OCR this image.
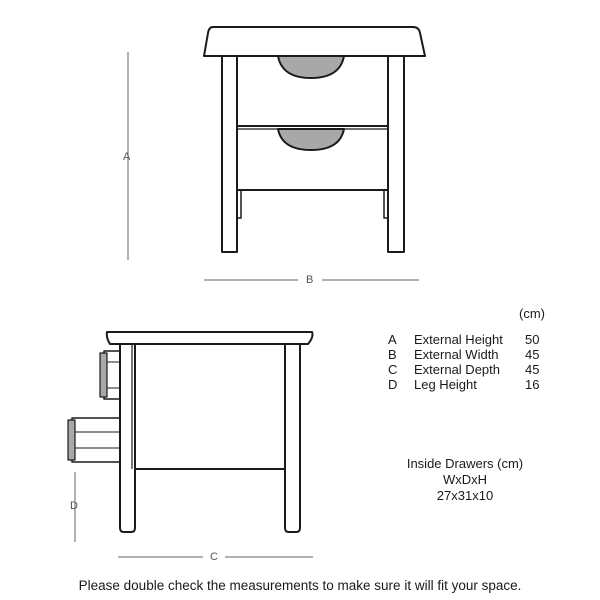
A
B
D
C
(cm)
A External Height 50
B External Width 45
C External Depth 45
D Leg Height	16
Inside Drawers (cm)
WxDxH
27x31x10
Please double check the measurements to make sure it will fit your space.
